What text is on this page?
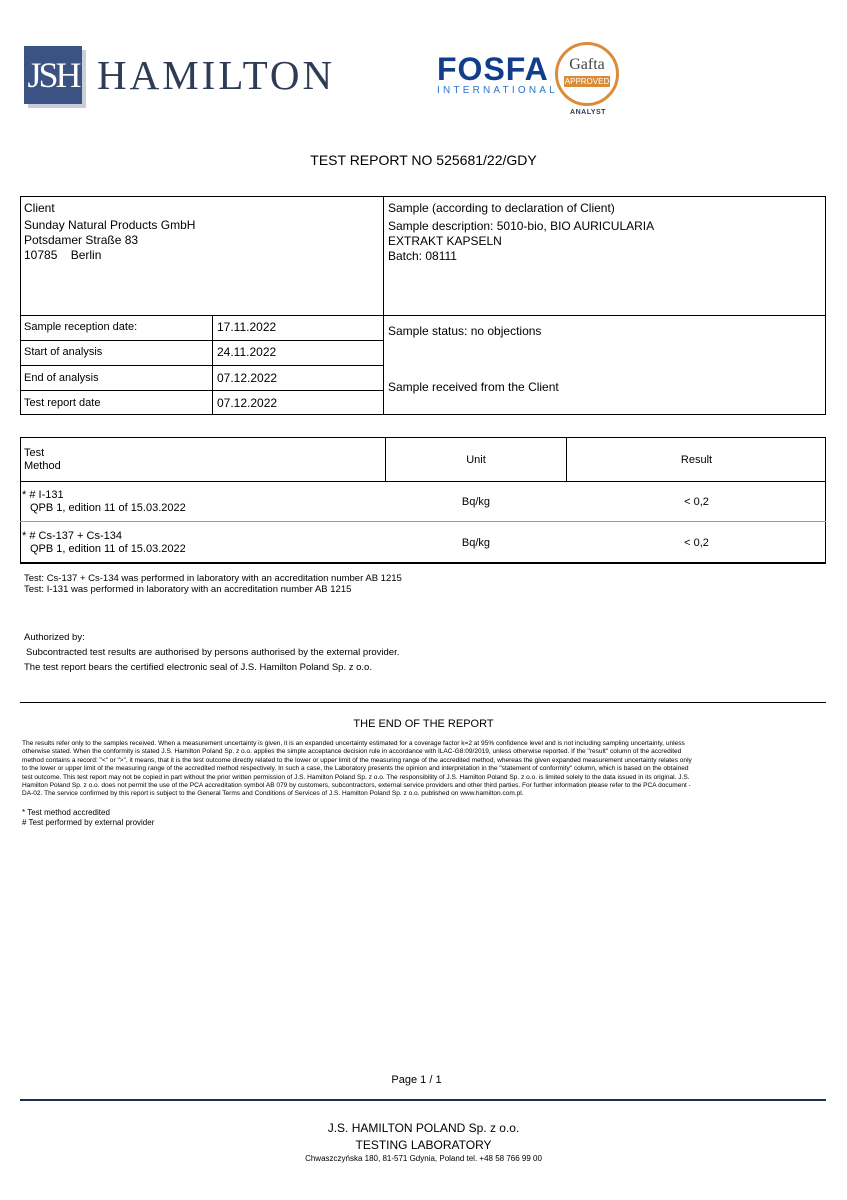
JSH HAMILTON	FOSFA
INTERNATIONAL
Gafta
APPROVED
ANALYST
TEST REPORT NO 525681/22/GDY
Client
Sunday Natural Products GmbH
Potsdamer Straße 83
10785 Berlin
Sample (according to declaration of Client)
Sample description: 5010-bio, BIO AURICULARIA
EXTRAKT KAPSELN
Batch: 08111
Sample status: no objections
Sample received from the Client
Sample reception date:	17.11.2022
Start of analysis	24.11.2022
End of analysis	07.12.2022
Test report date	07.12.2022
Test
Method	Unit	Result
* # I-131
QPB 1, edition 11 of 15.03.2022	Bq/kg	< 0,2
* # Cs-137 + Cs-134
QPB 1, edition 11 of 15.03.2022	Bq/kg	< 0,2
Test: Cs-137 + Cs-134 was performed in laboratory with an accreditation number AB 1215
Test: I-131 was performed in laboratory with an accreditation number AB 1215
Authorized by:
Subcontracted test results are authorised by persons authorised by the external provider.
The test report bears the certified electronic seal of J.S. Hamilton Poland Sp. z o.o.
THE END OF THE REPORT
The results refer only to the samples received. When a measurement uncertainty is given, it is an expanded uncertainty estimated for a coverage factor k=2 at 95% confidence level and is not including sampling uncertainty, unless
otherwise stated. When the conformity is stated J.S. Hamilton Poland Sp. z o.o. applies the simple acceptance decision rule in accordance with ILAC-G8:09/2019, unless otherwise reported. If the "result" column of the accredited
method contains a record: "<" or ">", it means, that it is the test outcome directly related to the lower or upper limit of the measuring range of the accredited method, whereas the given expanded measurement uncertainty relates only
to the lower or upper limit of the measuring range of the accredited method respectively. In such a case, the Laboratory presents the opinion and interpretation in the "statement of conformity" column, which is based on the obtained
test outcome. This test report may not be copied in part without the prior written permission of J.S. Hamilton Poland Sp. z o.o. The responsibility of J.S. Hamilton Poland Sp. z o.o. is limited solely to the data issued in its original. J.S.
Hamilton Poland Sp. z o.o. does not permit the use of the PCA accreditation symbol AB 079 by customers, subcontractors, external service providers and other third parties. For further information please refer to the PCA document -
DA-02. The service confirmed by this report is subject to the General Terms and Conditions of Services of J.S. Hamilton Poland Sp. z o.o. published on www.hamilton.com.pl.
* Test method accredited
# Test performed by external provider
Page 1 / 1
J.S. HAMILTON POLAND Sp. z o.o.
TESTING LABORATORY
Chwaszczyńska 180, 81-571 Gdynia, Poland tel. +48 58 766 99 00
